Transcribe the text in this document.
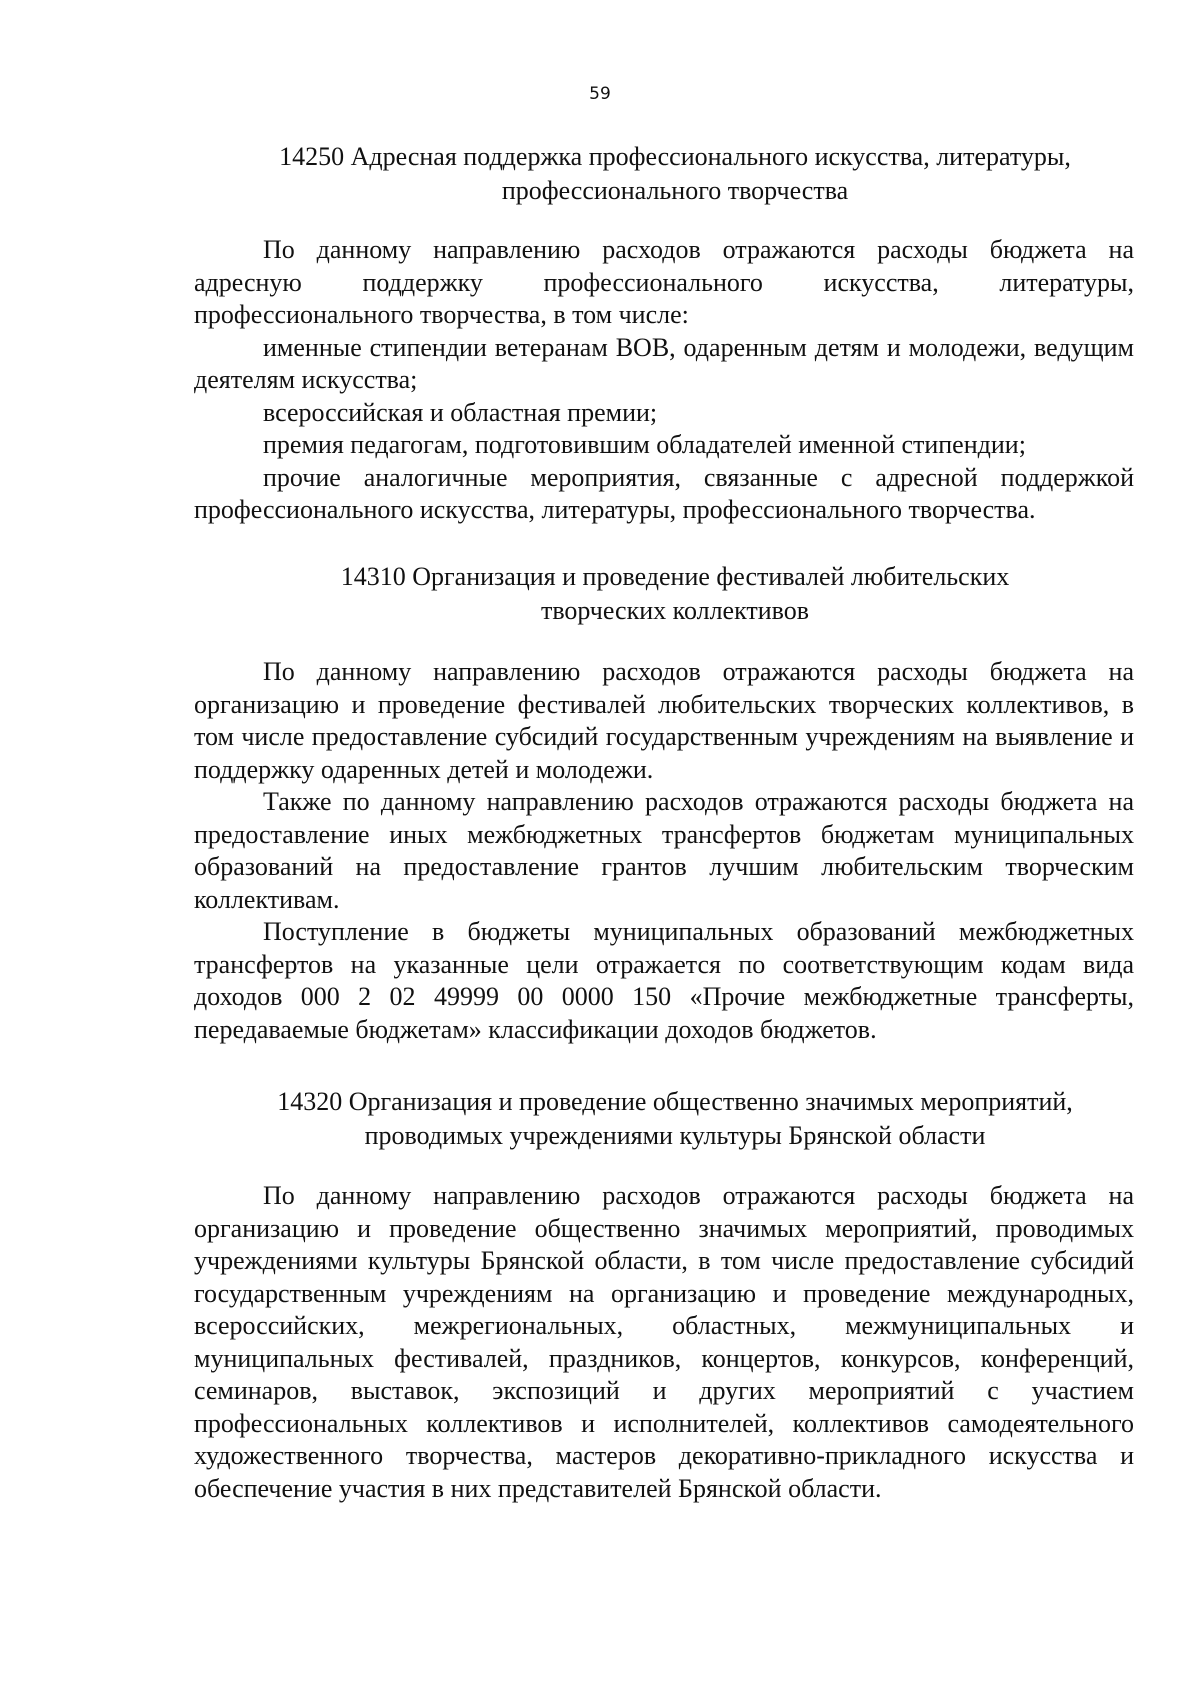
59
14250 Адресная поддержка профессионального искусства, литературы,
профессионального творчества

По данному направлению расходов отражаются расходы бюджета на адресную поддержку профессионального искусства, литературы, профессионального творчества, в том числе:

именные стипендии ветеранам ВОВ, одаренным детям и молодежи, ведущим деятелям искусства;

всероссийская и областная премии;

премия педагогам, подготовившим обладателей именной стипендии;

прочие аналогичные мероприятия, связанные с адресной поддержкой профессионального искусства, литературы, профессионального творчества.

14310 Организация и проведение фестивалей любительских
творческих коллективов

По данному направлению расходов отражаются расходы бюджета на организацию и проведение фестивалей любительских творческих коллективов, в том числе предоставление субсидий государственным учреждениям на выявление и поддержку одаренных детей и молодежи.

Также по данному направлению расходов отражаются расходы бюджета на предоставление иных межбюджетных трансфертов бюджетам муниципальных образований на предоставление грантов лучшим любительским творческим коллективам.

Поступление в бюджеты муниципальных образований межбюджетных трансфертов на указанные цели отражается по соответствующим кодам вида доходов 000 2 02 49999 00 0000 150 «Прочие межбюджетные трансферты, передаваемые бюджетам» классификации доходов бюджетов.

14320 Организация и проведение общественно значимых мероприятий,
проводимых учреждениями культуры Брянской области

По данному направлению расходов отражаются расходы бюджета на организацию и проведение общественно значимых мероприятий, проводимых учреждениями культуры Брянской области, в том числе предоставление субсидий государственным учреждениям на организацию и проведение международных, всероссийских, межрегиональных, областных, межмуниципальных и муниципальных фестивалей, праздников, концертов, конкурсов, конференций, семинаров, выставок, экспозиций и других мероприятий с участием профессиональных коллективов и исполнителей, коллективов самодеятельного художественного творчества, мастеров декоративно-прикладного искусства и обеспечение участия в них представителей Брянской области.
